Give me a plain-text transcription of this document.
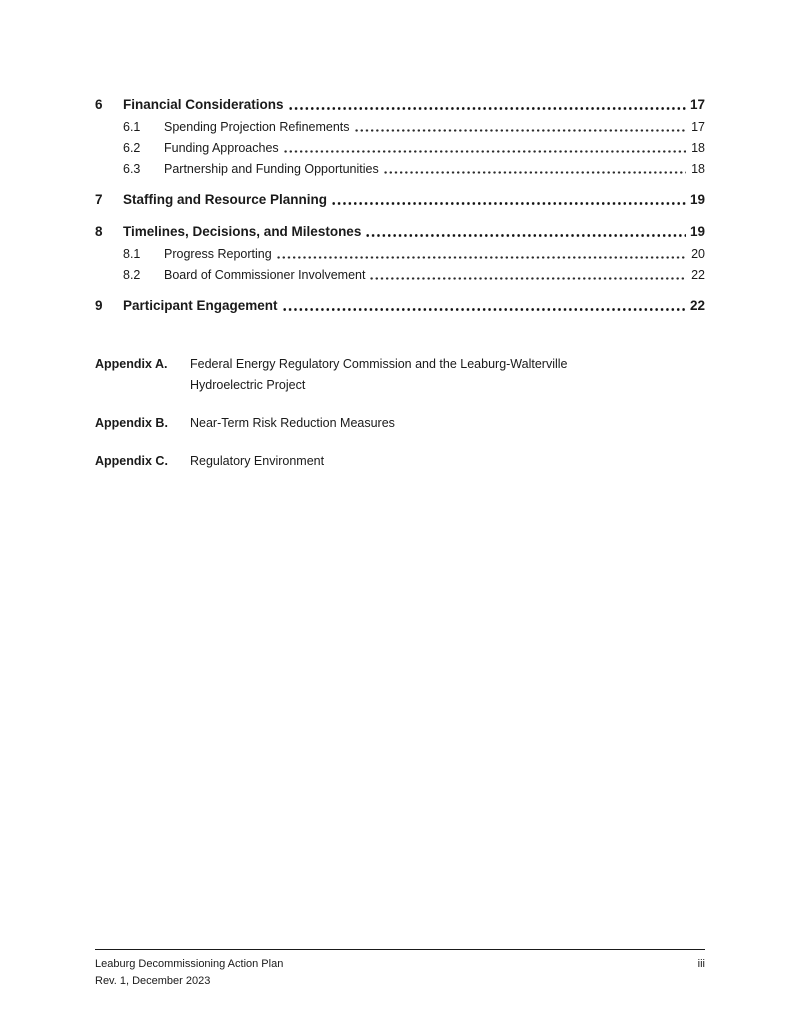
6	Financial Considerations	17
6.1	Spending Projection Refinements	17
6.2	Funding Approaches	18
6.3	Partnership and Funding Opportunities	18
7	Staffing and Resource Planning	19
8	Timelines, Decisions, and Milestones	19
8.1	Progress Reporting	20
8.2	Board of Commissioner Involvement	22
9	Participant Engagement	22
Appendix A.	Federal Energy Regulatory Commission and the Leaburg-Walterville Hydroelectric Project
Appendix B.	Near-Term Risk Reduction Measures
Appendix C.	Regulatory Environment
Leaburg Decommissioning Action Plan
Rev. 1, December 2023
iii
